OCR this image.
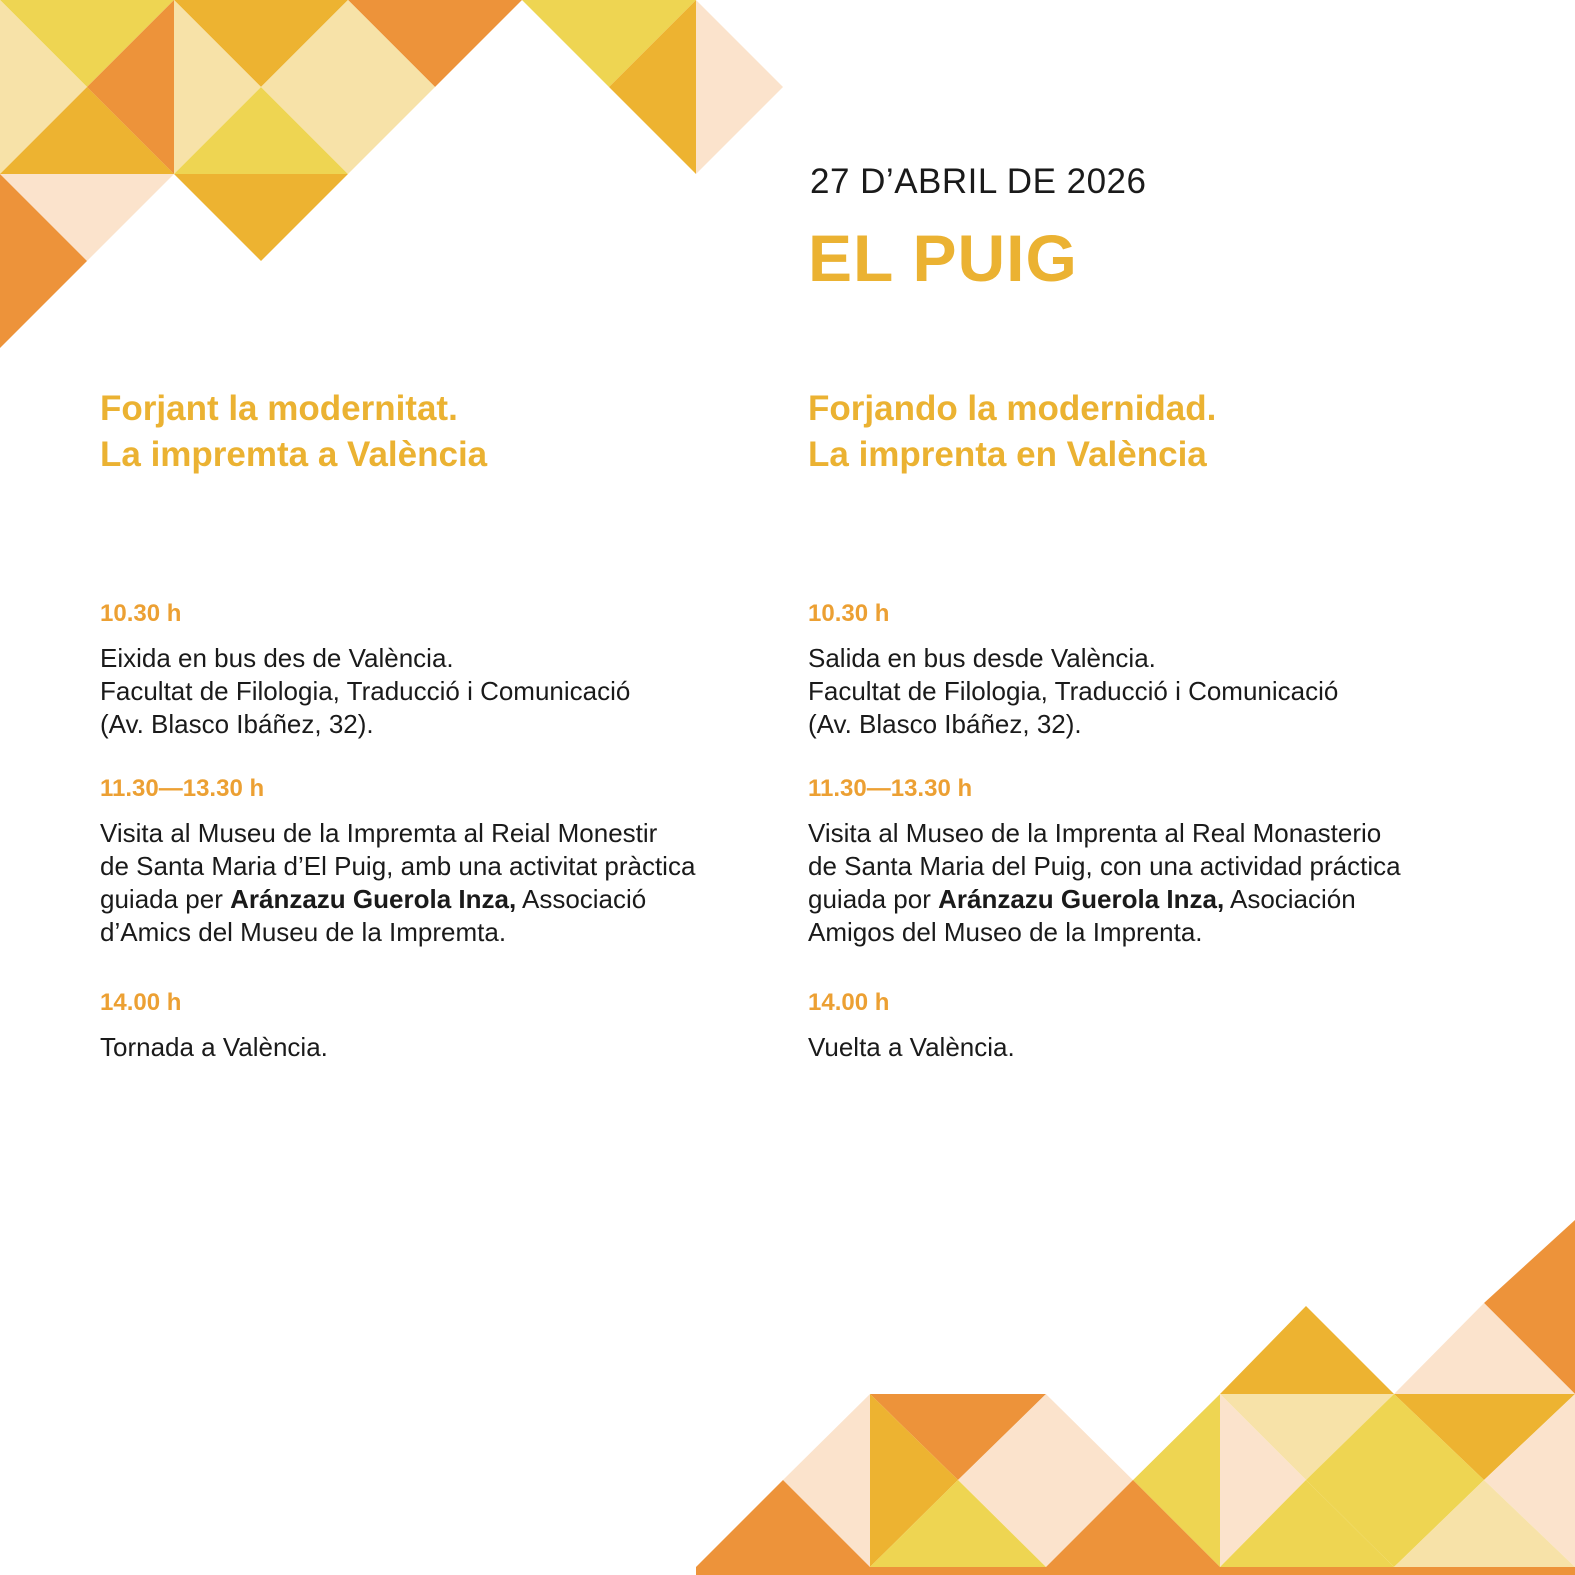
27 D’ABRIL DE 2026
EL PUIG
Forjant la modernitat.
La impremta a València
10.30 h
Eixida en bus des de València.
Facultat de Filologia, Traducció i Comunicació
(Av. Blasco Ibáñez, 32).
11.30—13.30 h
Visita al Museu de la Impremta al Reial Monestir
de Santa Maria d’El Puig, amb una activitat pràctica
guiada per Aránzazu Guerola Inza, Associació
d’Amics del Museu de la Impremta.
14.00 h
Tornada a València.
Forjando la modernidad.
La imprenta en València
10.30 h
Salida en bus desde València.
Facultat de Filologia, Traducció i Comunicació
(Av. Blasco Ibáñez, 32).
11.30—13.30 h
Visita al Museo de la Imprenta al Real Monasterio
de Santa Maria del Puig, con una actividad práctica
guiada por Aránzazu Guerola Inza, Asociación
Amigos del Museo de la Imprenta.
14.00 h
Vuelta a València.
